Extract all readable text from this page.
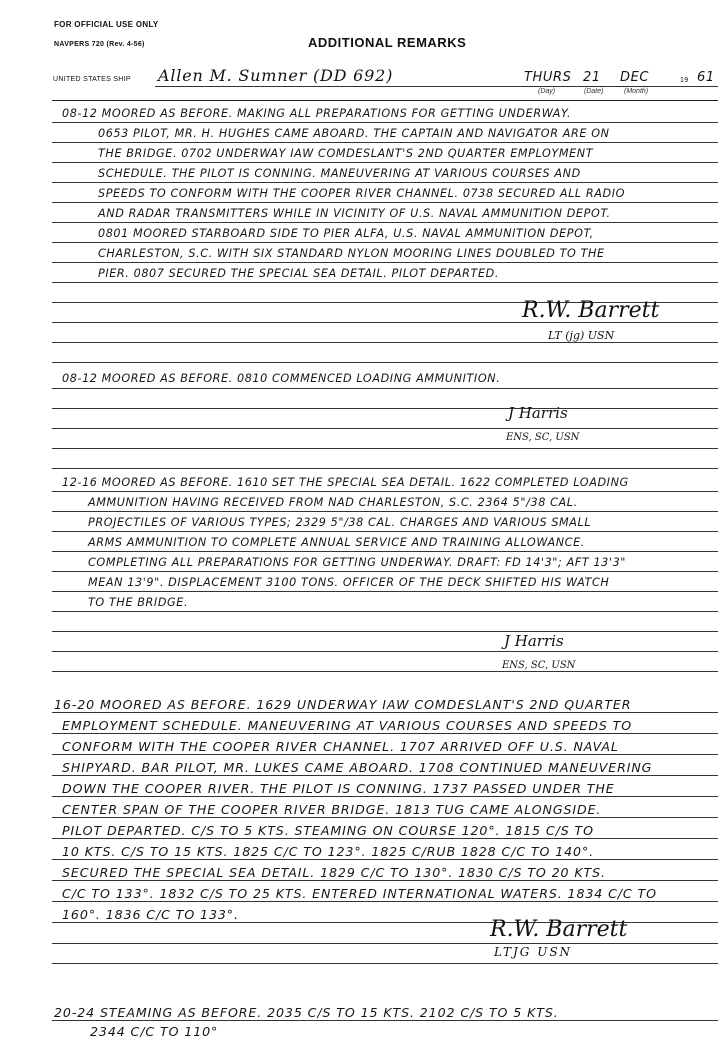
FOR OFFICIAL USE ONLY
NAVPERS 720 (Rev. 4-56)	ADDITIONAL REMARKS
UNITED STATES SHIP Allen M. Sumner (DD 692)	THURS 21 DEC	19 61
(Day)	(Date)	(Month)
08-12 MOORED AS BEFORE. MAKING ALL PREPARATIONS FOR GETTING UNDERWAY.
0653 PILOT, MR. H. HUGHES CAME ABOARD. THE CAPTAIN AND NAVIGATOR ARE ON
THE BRIDGE. 0702 UNDERWAY IAW COMDESLANT'S 2ND QUARTER EMPLOYMENT
SCHEDULE. THE PILOT IS CONNING. MANEUVERING AT VARIOUS COURSES AND
SPEEDS TO CONFORM WITH THE COOPER RIVER CHANNEL. 0738 SECURED ALL RADIO
AND RADAR TRANSMITTERS WHILE IN VICINITY OF U.S. NAVAL AMMUNITION DEPOT.
0801 MOORED STARBOARD SIDE TO PIER ALFA, U.S. NAVAL AMMUNITION DEPOT,
CHARLESTON, S.C. WITH SIX STANDARD NYLON MOORING LINES DOUBLED TO THE
PIER. 0807 SECURED THE SPECIAL SEA DETAIL. PILOT DEPARTED.
R.W. Barrett
LT (jg) USN
08-12 MOORED AS BEFORE. 0810 COMMENCED LOADING AMMUNITION.
J Harris
ENS, SC, USN
12-16 MOORED AS BEFORE. 1610 SET THE SPECIAL SEA DETAIL. 1622 COMPLETED LOADING
AMMUNITION HAVING RECEIVED FROM NAD CHARLESTON, S.C. 2364 5"/38 CAL.
PROJECTILES OF VARIOUS TYPES; 2329 5"/38 CAL. CHARGES AND VARIOUS SMALL
ARMS AMMUNITION TO COMPLETE ANNUAL SERVICE AND TRAINING ALLOWANCE.
COMPLETING ALL PREPARATIONS FOR GETTING UNDERWAY. DRAFT: FD 14'3"; AFT 13'3"
MEAN 13'9". DISPLACEMENT 3100 TONS. OFFICER OF THE DECK SHIFTED HIS WATCH
TO THE BRIDGE.
J Harris
ENS, SC, USN
16-20 MOORED AS BEFORE. 1629 UNDERWAY IAW COMDESLANT'S 2ND QUARTER
EMPLOYMENT SCHEDULE. MANEUVERING AT VARIOUS COURSES AND SPEEDS TO
CONFORM WITH THE COOPER RIVER CHANNEL. 1707 ARRIVED OFF U.S. NAVAL
SHIPYARD. BAR PILOT, MR. LUKES CAME ABOARD. 1708 CONTINUED MANEUVERING
DOWN THE COOPER RIVER. THE PILOT IS CONNING. 1737 PASSED UNDER THE
CENTER SPAN OF THE COOPER RIVER BRIDGE. 1813 TUG CAME ALONGSIDE.
PILOT DEPARTED. C/S TO 5 KTS. STEAMING ON COURSE 120°. 1815 C/S TO
10 KTS. C/S TO 15 KTS. 1825 C/C TO 123°. 1825 C/RUB 1828 C/C TO 140°.
SECURED THE SPECIAL SEA DETAIL. 1829 C/C TO 130°. 1830 C/S TO 20 KTS.
C/C TO 133°. 1832 C/S TO 25 KTS. ENTERED INTERNATIONAL WATERS. 1834 C/C TO
160°. 1836 C/C TO 133°.
R.W. Barrett
LTJG USN
20-24 STEAMING AS BEFORE. 2035 C/S TO 15 KTS. 2102 C/S TO 5 KTS.
2344 C/C TO 110°
